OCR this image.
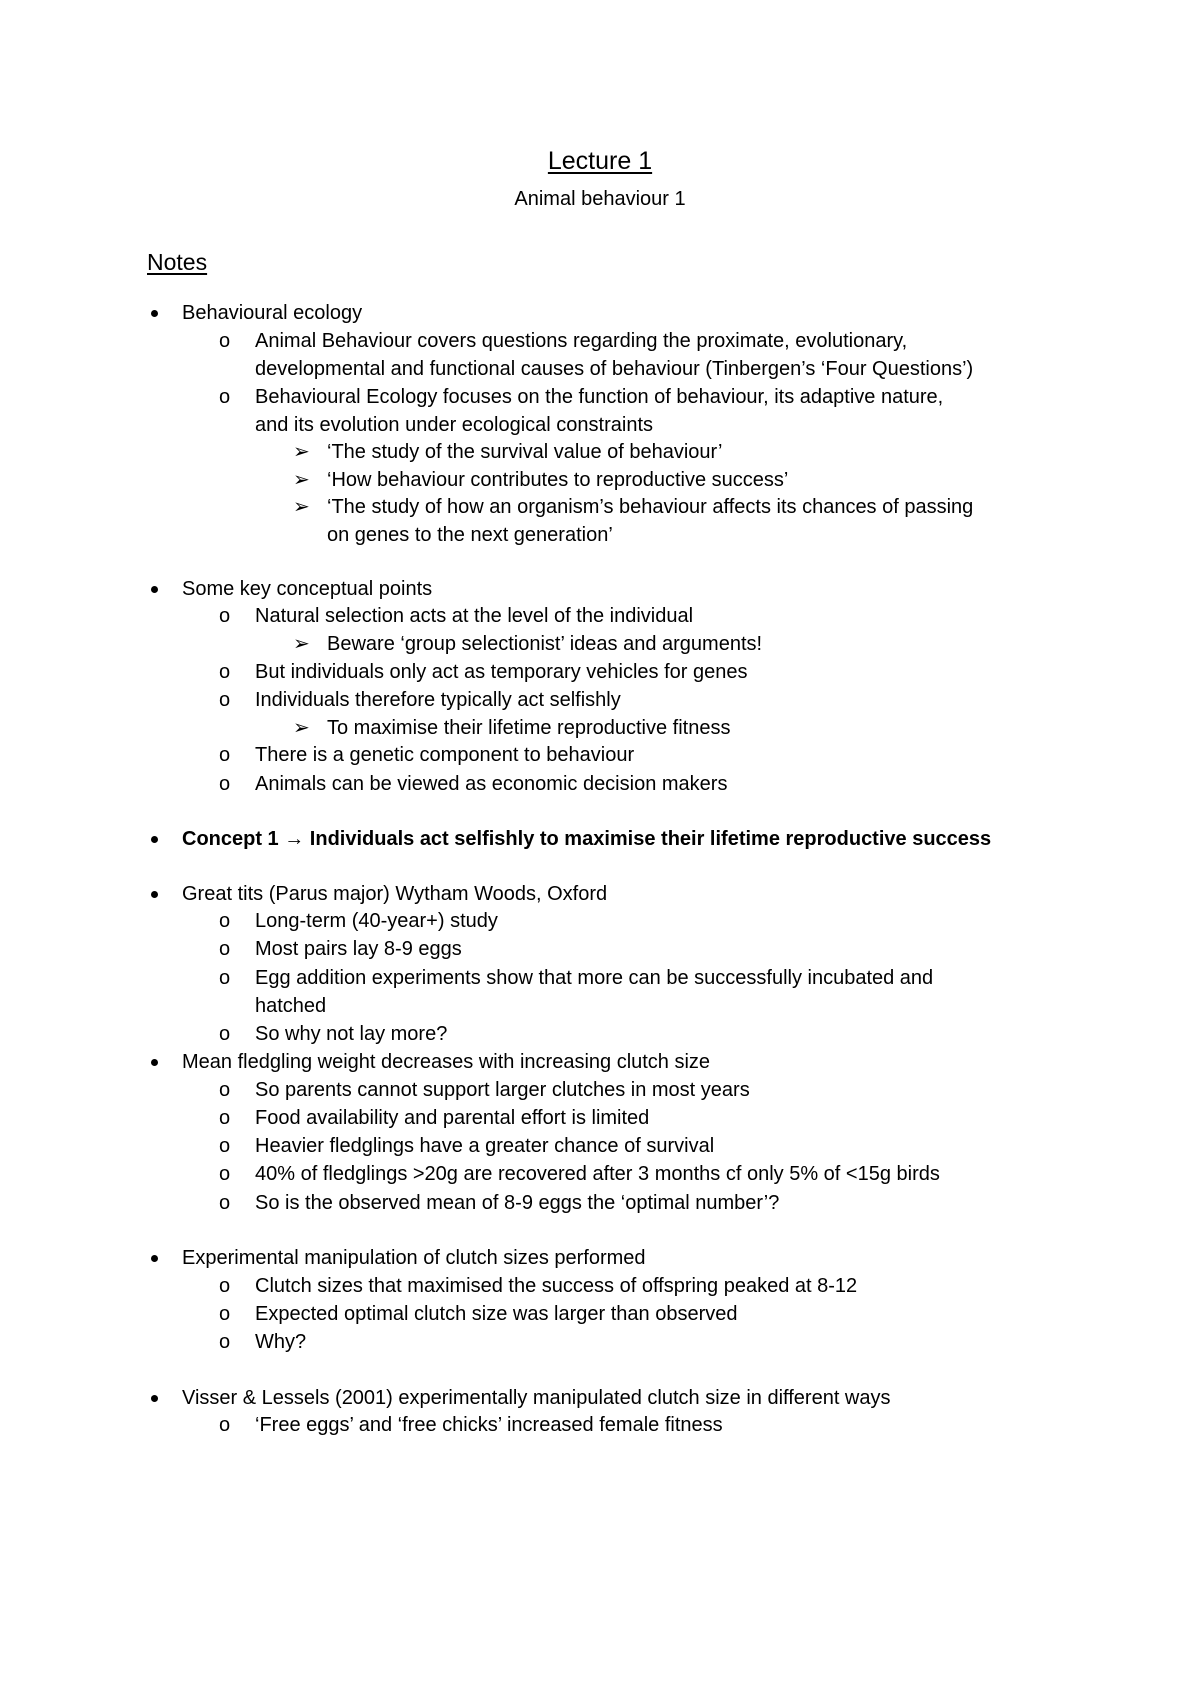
Lecture 1
Animal behaviour 1
Notes
Behavioural ecology
o Animal Behaviour covers questions regarding the proximate, evolutionary,
developmental and functional causes of behaviour (Tinbergen’s ‘Four Questions’)
o Behavioural Ecology focuses on the function of behaviour, its adaptive nature,
and its evolution under ecological constraints
➢ ‘The study of the survival value of behaviour’
➢ ‘How behaviour contributes to reproductive success’
➢ ‘The study of how an organism’s behaviour affects its chances of passing
on genes to the next generation’
Some key conceptual points
o Natural selection acts at the level of the individual
➢ Beware ‘group selectionist’ ideas and arguments!
o But individuals only act as temporary vehicles for genes
o Individuals therefore typically act selfishly
➢ To maximise their lifetime reproductive fitness
o There is a genetic component to behaviour
o Animals can be viewed as economic decision makers
Concept 1 → Individuals act selfishly to maximise their lifetime reproductive success
Great tits (Parus major) Wytham Woods, Oxford
o Long-term (40-year+) study
o Most pairs lay 8-9 eggs
o Egg addition experiments show that more can be successfully incubated and
hatched
o So why not lay more?
Mean fledgling weight decreases with increasing clutch size
o So parents cannot support larger clutches in most years
o Food availability and parental effort is limited
o Heavier fledglings have a greater chance of survival
o 40% of fledglings >20g are recovered after 3 months cf only 5% of <15g birds
o So is the observed mean of 8-9 eggs the ‘optimal number’?
Experimental manipulation of clutch sizes performed
o Clutch sizes that maximised the success of offspring peaked at 8-12
o Expected optimal clutch size was larger than observed
o Why?
Visser & Lessels (2001) experimentally manipulated clutch size in different ways
o ‘Free eggs’ and ‘free chicks’ increased female fitness
